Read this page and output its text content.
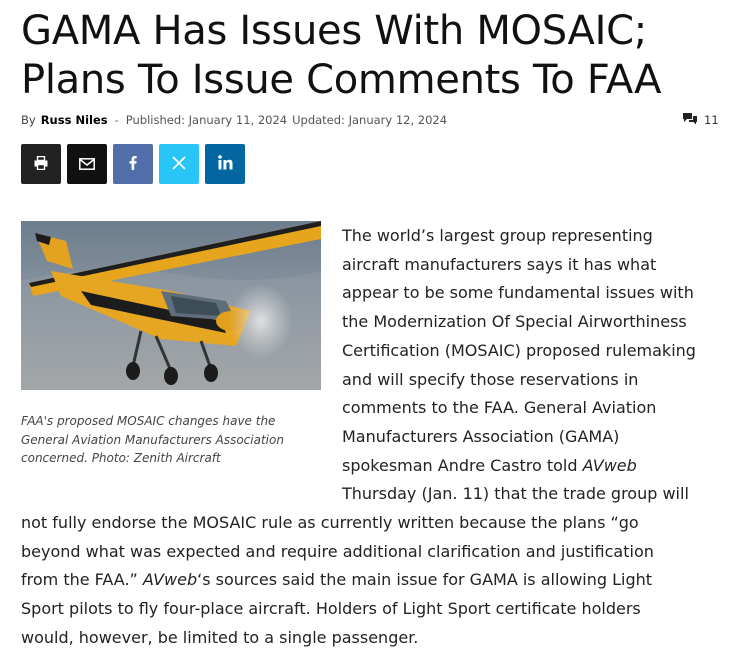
GAMA Has Issues With MOSAIC;
Plans To Issue Comments To FAA
By Russ Niles - Published: January 11, 2024 Updated: January 12, 2024	11
FAA's proposed MOSAIC changes have the
General Aviation Manufacturers Association
concerned. Photo: Zenith Aircraft
The world’s largest group representing
aircraft manufacturers says it has what
appear to be some fundamental issues with
the Modernization Of Special Airworthiness
Certification (MOSAIC) proposed rulemaking
and will specify those reservations in
comments to the FAA. General Aviation
Manufacturers Association (GAMA)
spokesman Andre Castro told AVweb
Thursday (Jan. 11) that the trade group will
not fully endorse the MOSAIC rule as currently written because the plans “go
beyond what was expected and require additional clarification and justification
from the FAA.” AVweb‘s sources said the main issue for GAMA is allowing Light
Sport pilots to fly four-place aircraft. Holders of Light Sport certificate holders
would, however, be limited to a single passenger.
